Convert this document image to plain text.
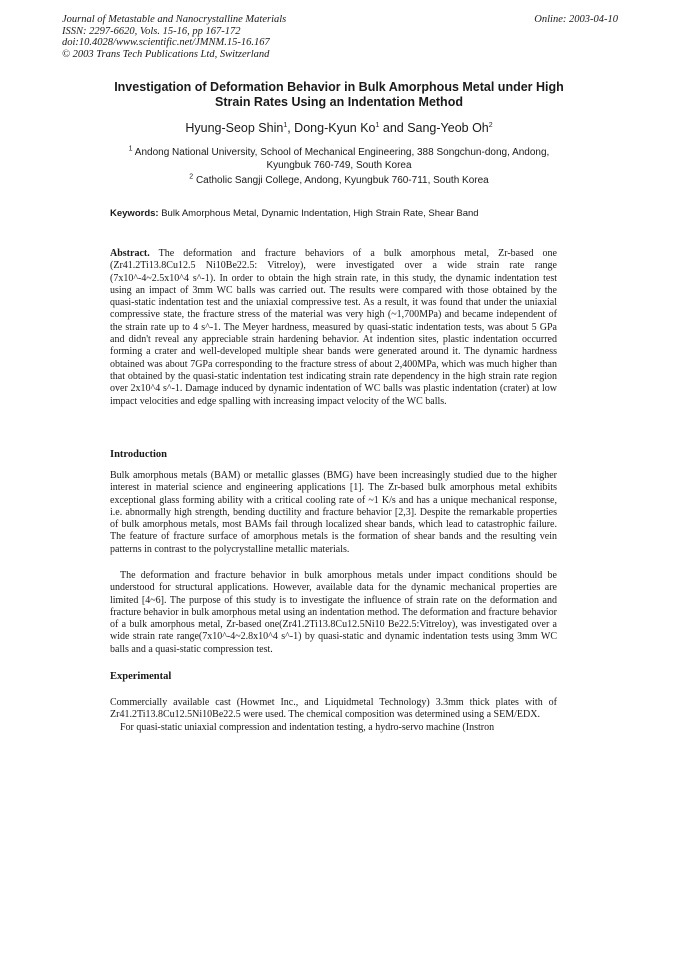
Journal of Metastable and Nanocrystalline Materials
ISSN: 2297-6620, Vols. 15-16, pp 167-172
doi:10.4028/www.scientific.net/JMNM.15-16.167
© 2003 Trans Tech Publications Ltd, Switzerland
Online: 2003-04-10
Investigation of Deformation Behavior in Bulk Amorphous Metal under High Strain Rates Using an Indentation Method
Hyung-Seop Shin$^1$, Dong-Kyun Ko$^1$ and Sang-Yeob Oh$^2$
$^1$ Andong National University, School of Mechanical Engineering, 388 Songchun-dong, Andong, Kyungbuk 760-749, South Korea
$^2$ Catholic Sangji College, Andong, Kyungbuk 760-711, South Korea
Keywords: Bulk Amorphous Metal, Dynamic Indentation, High Strain Rate, Shear Band
Abstract. The deformation and fracture behaviors of a bulk amorphous metal, Zr-based one (Zr41.2Ti13.8Cu12.5 Ni10Be22.5: Vitreloy), were investigated over a wide strain rate range (7x10^-4~2.5x10^4 s^-1). In order to obtain the high strain rate, in this study, the dynamic indentation test using an impact of 3mm WC balls was carried out. The results were compared with those obtained by the quasi-static indentation test and the uniaxial compressive test. As a result, it was found that under the uniaxial compressive state, the fracture stress of the material was very high (~1,700MPa) and became independent of the strain rate up to 4 s^-1. The Meyer hardness, measured by quasi-static indentation tests, was about 5 GPa and didn't reveal any appreciable strain hardening behavior. At indention sites, plastic indentation occurred forming a crater and well-developed multiple shear bands were generated around it. The dynamic hardness obtained was about 7GPa corresponding to the fracture stress of about 2,400MPa, which was much higher than that obtained by the quasi-static indentation test indicating strain rate dependency in the high strain rate region over 2x10^4 s^-1. Damage induced by dynamic indentation of WC balls was plastic indentation (crater) at low impact velocities and edge spalling with increasing impact velocity of the WC balls.
Introduction
Bulk amorphous metals (BAM) or metallic glasses (BMG) have been increasingly studied due to the higher interest in material science and engineering applications [1]. The Zr-based bulk amorphous metal exhibits exceptional glass forming ability with a critical cooling rate of ~1 K/s and has a unique mechanical response, i.e. abnormally high strength, bending ductility and fracture behavior [2,3]. Despite the remarkable properties of bulk amorphous metals, most BAMs fail through localized shear bands, which lead to catastrophic failure. The feature of fracture surface of amorphous metals is the formation of shear bands and the resulting vein patterns in contrast to the polycrystalline metallic materials.
The deformation and fracture behavior in bulk amorphous metals under impact conditions should be understood for structural applications. However, available data for the dynamic mechanical properties are limited [4~6]. The purpose of this study is to investigate the influence of strain rate on the deformation and fracture behavior in bulk amorphous metal using an indentation method. The deformation and fracture behavior of a bulk amorphous metal, Zr-based one(Zr41.2Ti13.8Cu12.5Ni10 Be22.5:Vitreloy), was investigated over a wide strain rate range(7x10^-4~2.8x10^4 s^-1) by quasi-static and dynamic indentation tests using 3mm WC balls and a quasi-static compression test.
Experimental
Commercially available cast (Howmet Inc., and Liquidmetal Technology) 3.3mm thick plates with of Zr41.2Ti13.8Cu12.5Ni10Be22.5 were used. The chemical composition was determined using a SEM/EDX.
For quasi-static uniaxial compression and indentation testing, a hydro-servo machine (Instron
